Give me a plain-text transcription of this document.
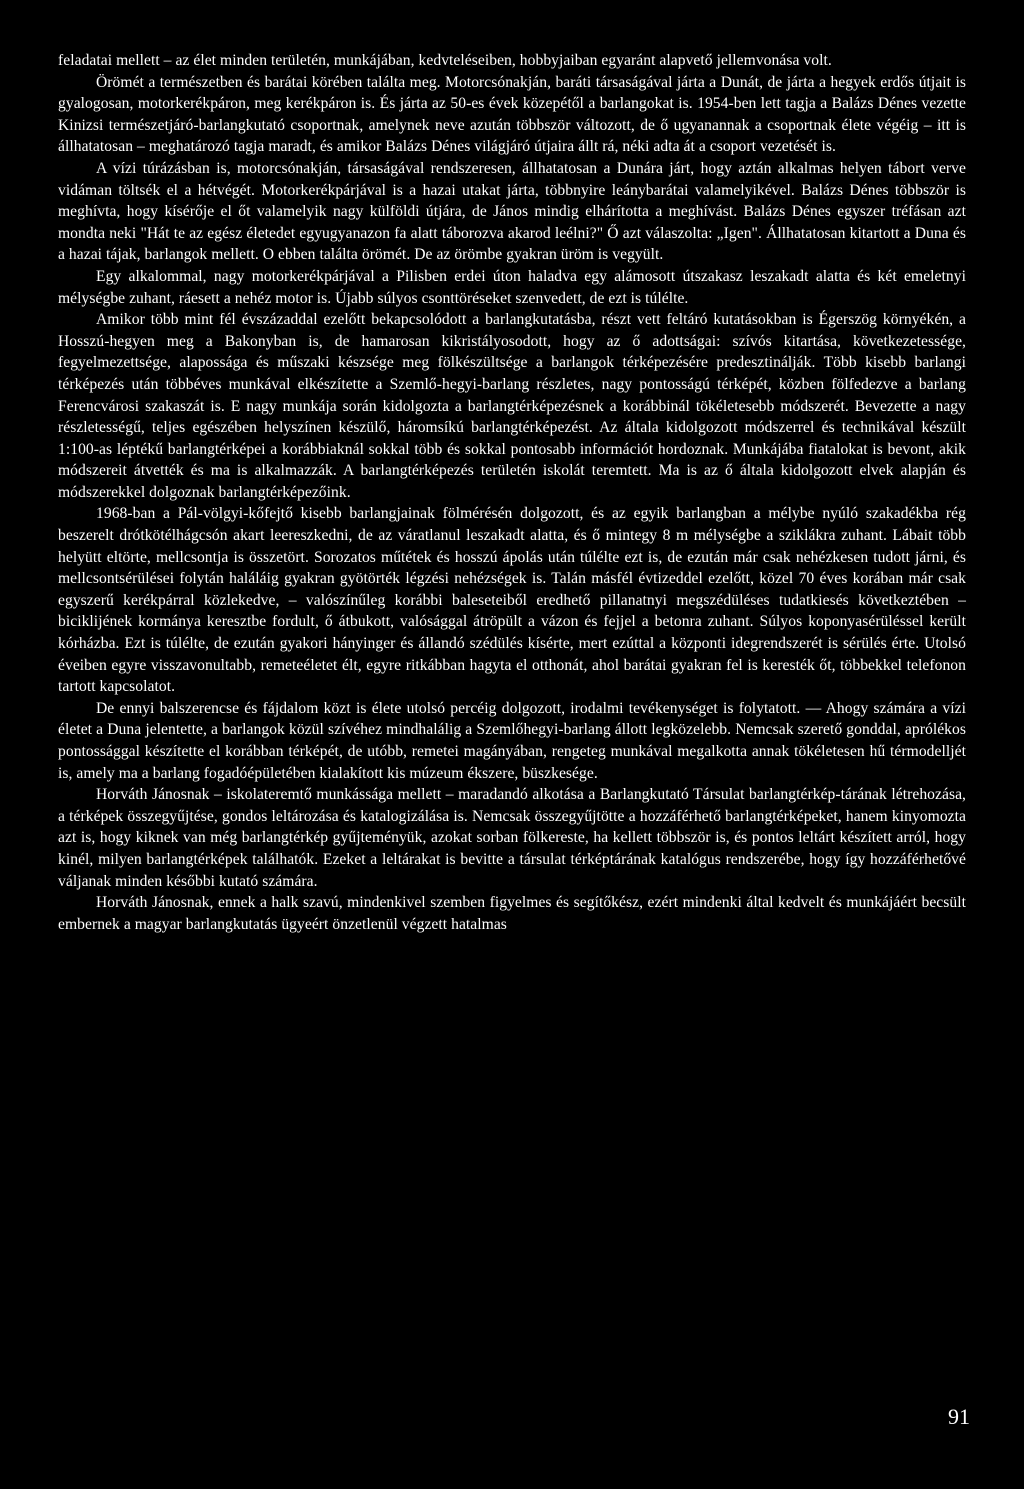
feladatai mellett – az élet minden területén, munkájában, kedvteléseiben, hobbyjaiban egyaránt alapvető jellemvonása volt.

Örömét a természetben és barátai körében találta meg. Motorcsónakján, baráti társaságával járta a Dunát, de járta a hegyek erdős útjait is gyalogosan, motorkerékpáron, meg kerékpáron is. És járta az 50-es évek közepétől a barlangokat is. 1954-ben lett tagja a Balázs Dénes vezette Kinizsi természetjáró-barlangkutató csoportnak, amelynek neve azután többször változott, de ő ugyanannak a csoportnak élete végéig – itt is állhatatosan – meghatározó tagja maradt, és amikor Balázs Dénes világjáró útjaira állt rá, néki adta át a csoport vezetését is.

A vízi túrázásban is, motorcsónakján, társaságával rendszeresen, állhatatosan a Dunára járt, hogy aztán alkalmas helyen tábort verve vidáman töltsék el a hétvégét. Motorkerékpárjával is a hazai utakat járta, többnyire leánybarátai valamelyikével. Balázs Dénes többször is meghívta, hogy kísérője el őt valamelyik nagy külföldi útjára, de János mindig elhárította a meghívást. Balázs Dénes egyszer tréfásan azt mondta neki "Hát te az egész életedet egyugyanazon fa alatt táborozva akarod leélni?" Ő azt válaszolta: „Igen". Állhatatosan kitartott a Duna és a hazai tájak, barlangok mellett. O ebben találta örömét. De az örömbe gyakran üröm is vegyült.

Egy alkalommal, nagy motorkerékpárjával a Pilisben erdei úton haladva egy alámosott útszakasz leszakadt alatta és két emeletnyi mélységbe zuhant, ráesett a nehéz motor is. Újabb súlyos csonttöréseket szenvedett, de ezt is túlélte.

Amikor több mint fél évszázaddal ezelőtt bekapcsolódott a barlangkutatásba, részt vett feltáró kutatásokban is Égerszög környékén, a Hosszú-hegyen meg a Bakonyban is, de hamarosan kikristályosodott, hogy az ő adottságai: szívós kitartása, következetessége, fegyelmezettsége, alapossága és műszaki készsége meg fölkészültsége a barlangok térképezésére predesztinálják. Több kisebb barlangi térképezés után többéves munkával elkészítette a Szemlő-hegyi-barlang részletes, nagy pontosságú térképét, közben fölfedezve a barlang Ferencvárosi szakaszát is. E nagy munkája során kidolgozta a barlangtérképezésnek a korábbinál tökéletesebb módszerét. Bevezette a nagy részletességű, teljes egészében helyszínen készülő, háromsíkú barlangtérképezést. Az általa kidolgozott módszerrel és technikával készült 1:100-as léptékű barlangtérképei a korábbiaknál sokkal több és sokkal pontosabb információt hordoznak. Munkájába fiatalokat is bevont, akik módszereit átvették és ma is alkalmazzák. A barlangtérképezés területén iskolát teremtett. Ma is az ő általa kidolgozott elvek alapján és módszerekkel dolgoznak barlangtérképezőink.

1968-ban a Pál-völgyi-kőfejtő kisebb barlangjainak fölmérésén dolgozott, és az egyik barlangban a mélybe nyúló szakadékba rég beszerelt drótkötélhágcsón akart leereszkedni, de az váratlanul leszakadt alatta, és ő mintegy 8 m mélységbe a sziklákra zuhant. Lábait több helyütt eltörte, mellcsontja is összetört. Sorozatos műtétek és hosszú ápolás után túlélte ezt is, de ezután már csak nehézkesen tudott járni, és mellcsontsérülései folytán haláláig gyakran gyötörték légzési nehézségek is. Talán másfél évtizeddel ezelőtt, közel 70 éves korában már csak egyszerű kerékpárral közlekedve, – valószínűleg korábbi baleseteiből eredhető pillanatnyi megszédüléses tudatkiesés következtében – biciklijének kormánya keresztbe fordult, ő átbukott, valósággal átröpült a vázon és fejjel a betonra zuhant. Súlyos koponyasérüléssel került kórházba. Ezt is túlélte, de ezután gyakori hányinger és állandó szédülés kísérte, mert ezúttal a központi idegrendszerét is sérülés érte. Utolsó éveiben egyre visszavonultabb, remeteéletet élt, egyre ritkábban hagyta el otthonát, ahol barátai gyakran fel is keresték őt, többekkel telefonon tartott kapcsolatot.

De ennyi balszerencse és fájdalom közt is élete utolsó percéig dolgozott, irodalmi tevékenységet is folytatott. — Ahogy számára a vízi életet a Duna jelentette, a barlangok közül szívéhez mindhalálig a Szemlőhegyi-barlang állott legközelebb. Nemcsak szerető gonddal, aprólékos pontossággal készítette el korábban térképét, de utóbb, remetei magányában, rengeteg munkával megalkotta annak tökéletesen hű térmodelljét is, amely ma a barlang fogadóépületében kialakított kis múzeum ékszere, büszkesége.

Horváth Jánosnak – iskolateremtő munkássága mellett – maradandó alkotása a Barlangkutató Társulat barlangtérkép-tárának létrehozása, a térképek összegyűjtése, gondos leltározása és katalogizálása is. Nemcsak összegyűjtötte a hozzáférhető barlangtérképeket, hanem kinyomozta azt is, hogy kiknek van még barlangtérkép gyűjteményük, azokat sorban fölkereste, ha kellett többször is, és pontos leltárt készített arról, hogy kinél, milyen barlangtérképek találhatók. Ezeket a leltárakat is bevitte a társulat térképtárának katalógus rendszerébe, hogy így hozzáférhetővé váljanak minden későbbi kutató számára.

Horváth Jánosnak, ennek a halk szavú, mindenkivel szemben figyelmes és segítőkész, ezért mindenki által kedvelt és munkájáért becsült embernek a magyar barlangkutatás ügyeért önzetlenül végzett hatalmas

91
